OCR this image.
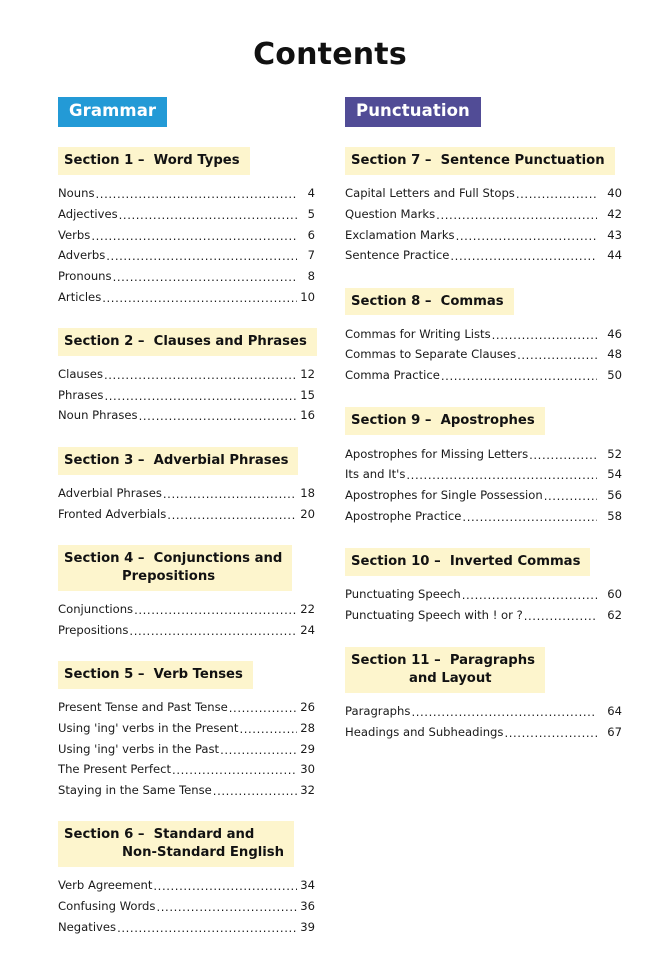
Contents
Grammar
Section 1 –  Word Types
Nouns .....	4
Adjectives .....	5
Verbs .....	6
Adverbs .....	7
Pronouns .....	8
Articles .....	10
Section 2 –  Clauses and Phrases
Clauses .....	12
Phrases .....	15
Noun Phrases .....	16
Section 3 –  Adverbial Phrases
Adverbial Phrases .....	18
Fronted Adverbials .....	20
Section 4 –  Conjunctions and
Prepositions
Conjunctions .....	22
Prepositions .....	24
Section 5 –  Verb Tenses
Present Tense and Past Tense .....	26
Using 'ing' verbs in the Present .....	28
Using 'ing' verbs in the Past .....	29
The Present Perfect .....	30
Staying in the Same Tense .....	32
Section 6 –  Standard and
Non-Standard English
Verb Agreement .....	34
Confusing Words .....	36
Negatives .....	39
Punctuation
Section 7 –  Sentence Punctuation
Capital Letters and Full Stops .....	40
Question Marks .....	42
Exclamation Marks .....	43
Sentence Practice .....	44
Section 8 –  Commas
Commas for Writing Lists .....	46
Commas to Separate Clauses .....	48
Comma Practice .....	50
Section 9 –  Apostrophes
Apostrophes for Missing Letters .....	52
Its and It's .....	54
Apostrophes for Single Possession .....	56
Apostrophe Practice .....	58
Section 10 –  Inverted Commas
Punctuating Speech .....	60
Punctuating Speech with ! or ? .....	62
Section 11 –  Paragraphs
and Layout
Paragraphs .....	64
Headings and Subheadings .....	67
